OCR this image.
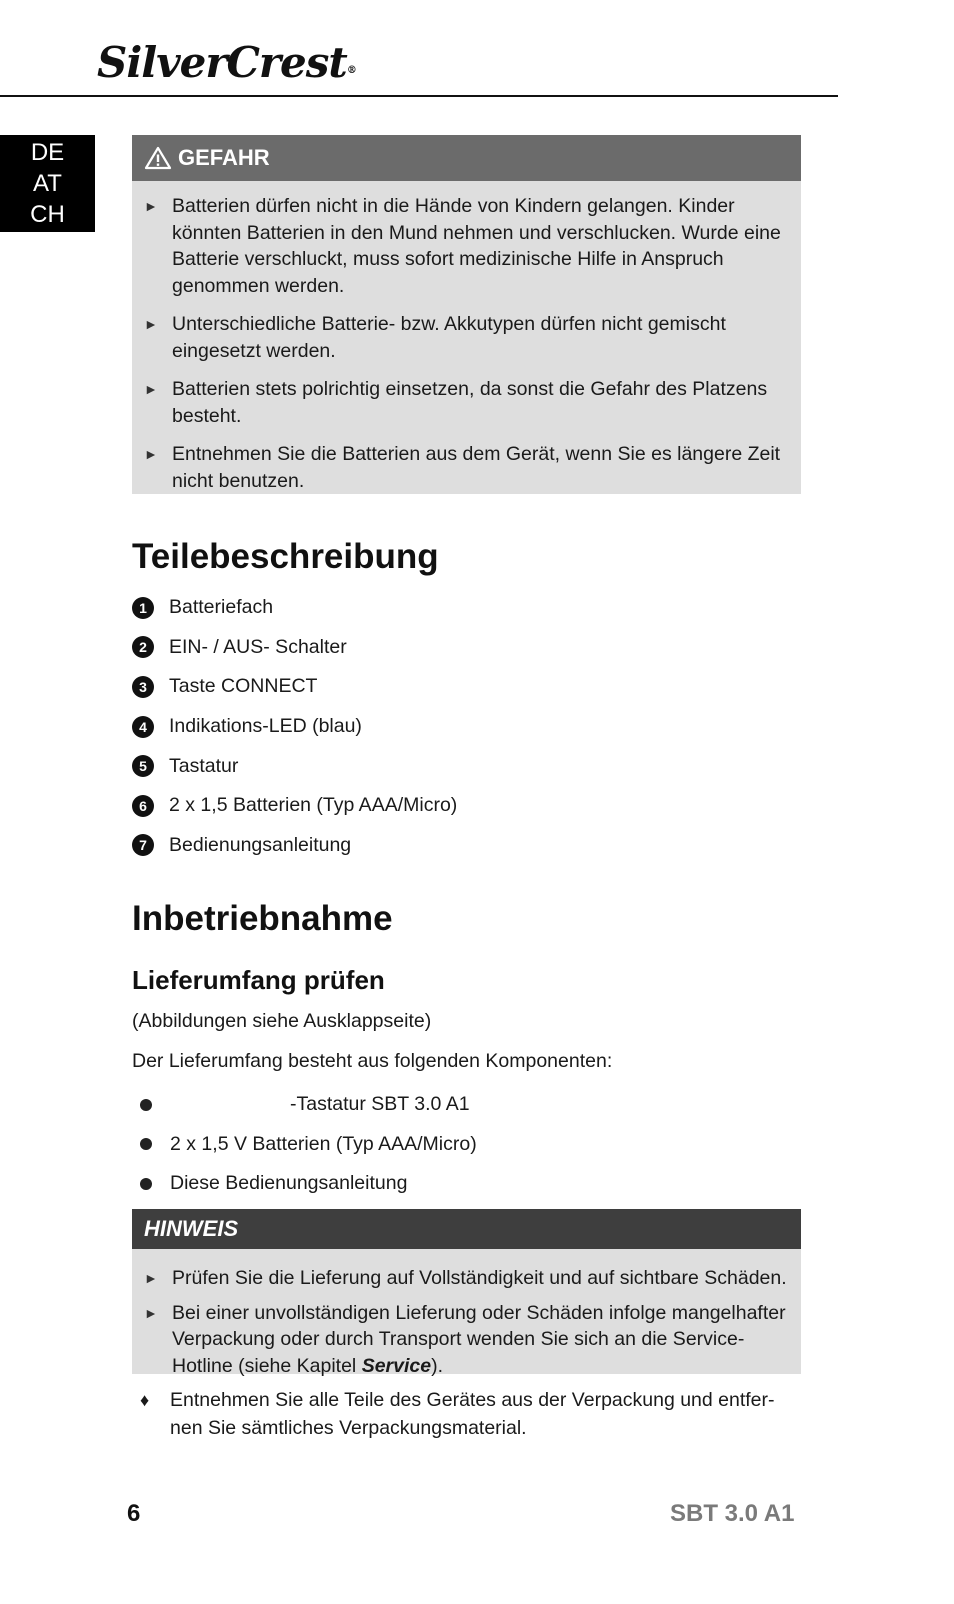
SilverCrest®
DE
AT
CH
GEFAHR
► Batterien dürfen nicht in die Hände von Kindern gelangen. Kinder könnten Batterien in den Mund nehmen und verschlucken. Wurde eine Batterie verschluckt, muss sofort medizinische Hilfe in Anspruch genommen werden.
► Unterschiedliche Batterie- bzw. Akkutypen dürfen nicht gemischt eingesetzt werden.
► Batterien stets polrichtig einsetzen, da sonst die Gefahr des Platzens besteht.
► Entnehmen Sie die Batterien aus dem Gerät, wenn Sie es längere Zeit nicht benutzen.
Teilebeschreibung
1	Batteriefach
2	EIN- / AUS- Schalter
3	Taste CONNECT
4	Indikations-LED (blau)
5	Tastatur
6	2 x 1,5 Batterien (Typ AAA/Micro)
7	Bedienungsanleitung
Inbetriebnahme
Lieferumfang prüfen
(Abbildungen siehe Ausklappseite)
Der Lieferumfang besteht aus folgenden Komponenten:
-Tastatur SBT 3.0 A1
2 x 1,5 V Batterien (Typ AAA/Micro)
Diese Bedienungsanleitung
HINWEIS
► Prüfen Sie die Lieferung auf Vollständigkeit und auf sichtbare Schäden.
► Bei einer unvollständigen Lieferung oder Schäden infolge mangelhafter Verpackung oder durch Transport wenden Sie sich an die Service-Hotline (siehe Kapitel Service).
♦ Entnehmen Sie alle Teile des Gerätes aus der Verpackung und entfernen Sie sämtliches Verpackungsmaterial.
6	SBT 3.0 A1
